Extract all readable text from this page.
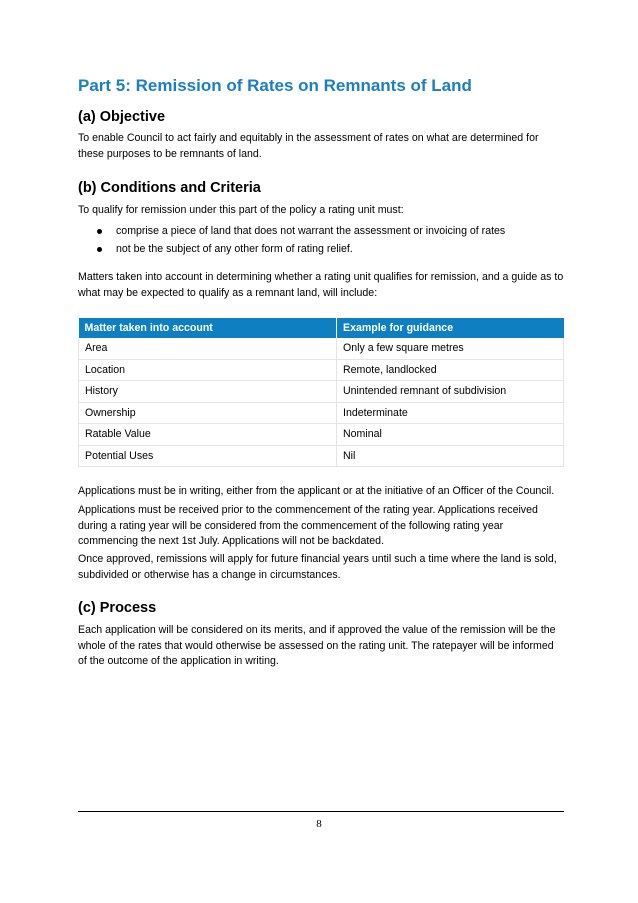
Part 5: Remission of Rates on Remnants of Land
(a) Objective

To enable Council to act fairly and equitably in the assessment of rates on what are determined for these purposes to be remnants of land.

(b) Conditions and Criteria

To qualify for remission under this part of the policy a rating unit must:

comprise a piece of land that does not warrant the assessment or invoicing of rates
not be the subject of any other form of rating relief.

Matters taken into account in determining whether a rating unit qualifies for remission, and a guide as to what may be expected to qualify as a remnant land, will include:

Matter taken into account	Example for guidance
Area	Only a few square metres
Location	Remote, landlocked
History	Unintended remnant of subdivision
Ownership	Indeterminate
Ratable Value	Nominal
Potential Uses	Nil

Applications must be in writing, either from the applicant or at the initiative of an Officer of the Council.

Applications must be received prior to the commencement of the rating year. Applications received during a rating year will be considered from the commencement of the following rating year commencing the next 1st July. Applications will not be backdated.

Once approved, remissions will apply for future financial years until such a time where the land is sold, subdivided or otherwise has a change in circumstances.

(c) Process

Each application will be considered on its merits, and if approved the value of the remission will be the whole of the rates that would otherwise be assessed on the rating unit. The ratepayer will be informed of the outcome of the application in writing.

8
